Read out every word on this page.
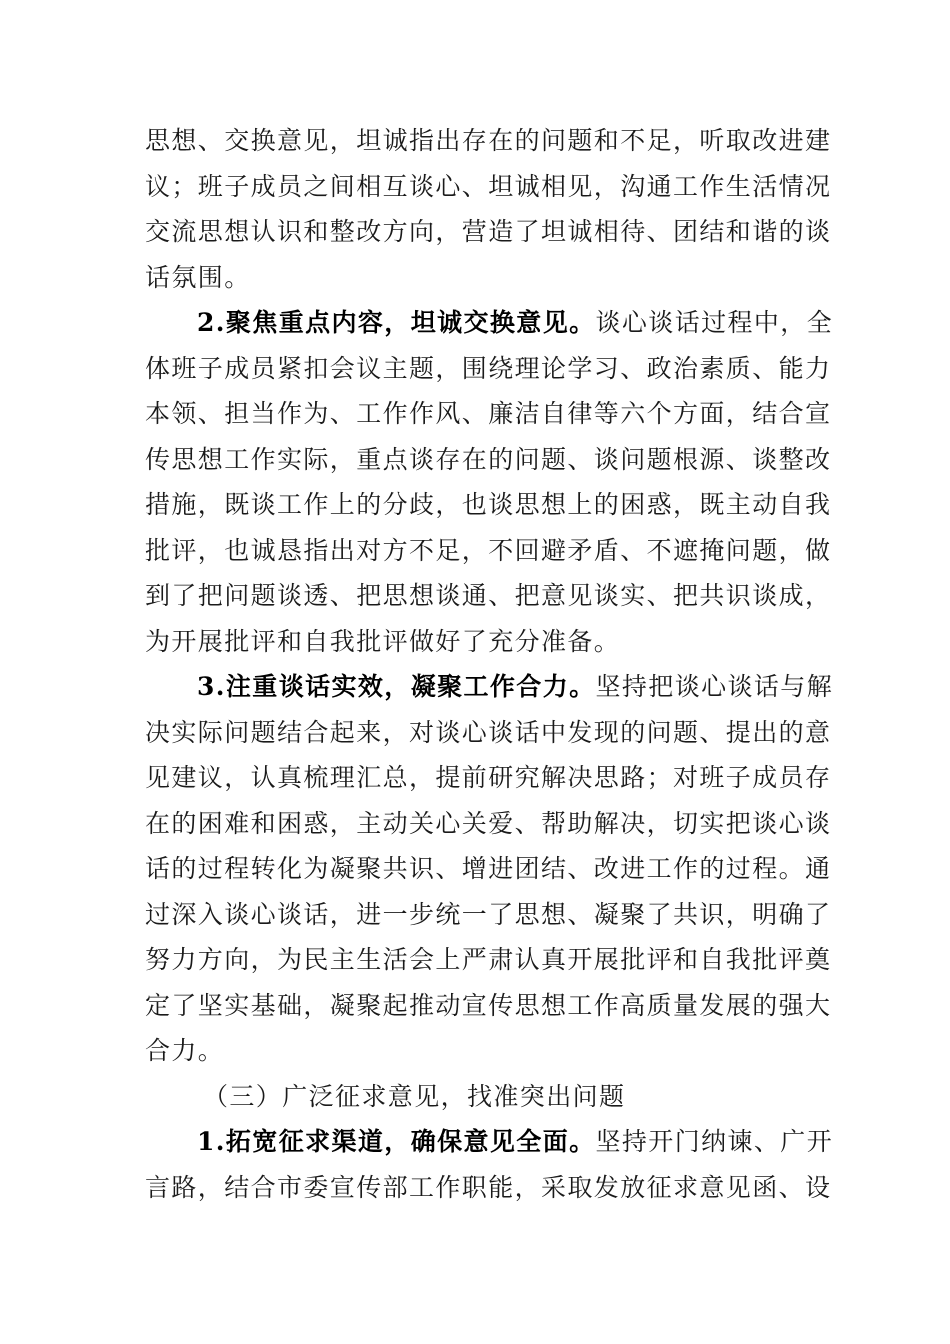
思想、交换意见，坦诚指出存在的问题和不足，听取改进建
议；班子成员之间相互谈心、坦诚相见，沟通工作生活情况
交流思想认识和整改方向，营造了坦诚相待、团结和谐的谈
话氛围。
2.聚焦重点内容，坦诚交换意见。谈心谈话过程中，全
体班子成员紧扣会议主题，围绕理论学习、政治素质、能力
本领、担当作为、工作作风、廉洁自律等六个方面，结合宣
传思想工作实际，重点谈存在的问题、谈问题根源、谈整改
措施，既谈工作上的分歧，也谈思想上的困惑，既主动自我
批评，也诚恳指出对方不足，不回避矛盾、不遮掩问题，做
到了把问题谈透、把思想谈通、把意见谈实、把共识谈成，
为开展批评和自我批评做好了充分准备。
3.注重谈话实效，凝聚工作合力。坚持把谈心谈话与解
决实际问题结合起来，对谈心谈话中发现的问题、提出的意
见建议，认真梳理汇总，提前研究解决思路；对班子成员存
在的困难和困惑，主动关心关爱、帮助解决，切实把谈心谈
话的过程转化为凝聚共识、增进团结、改进工作的过程。通
过深入谈心谈话，进一步统一了思想、凝聚了共识，明确了
努力方向，为民主生活会上严肃认真开展批评和自我批评奠
定了坚实基础，凝聚起推动宣传思想工作高质量发展的强大
合力。
（三）广泛征求意见，找准突出问题
1.拓宽征求渠道，确保意见全面。坚持开门纳谏、广开
言路，结合市委宣传部工作职能，采取发放征求意见函、设
